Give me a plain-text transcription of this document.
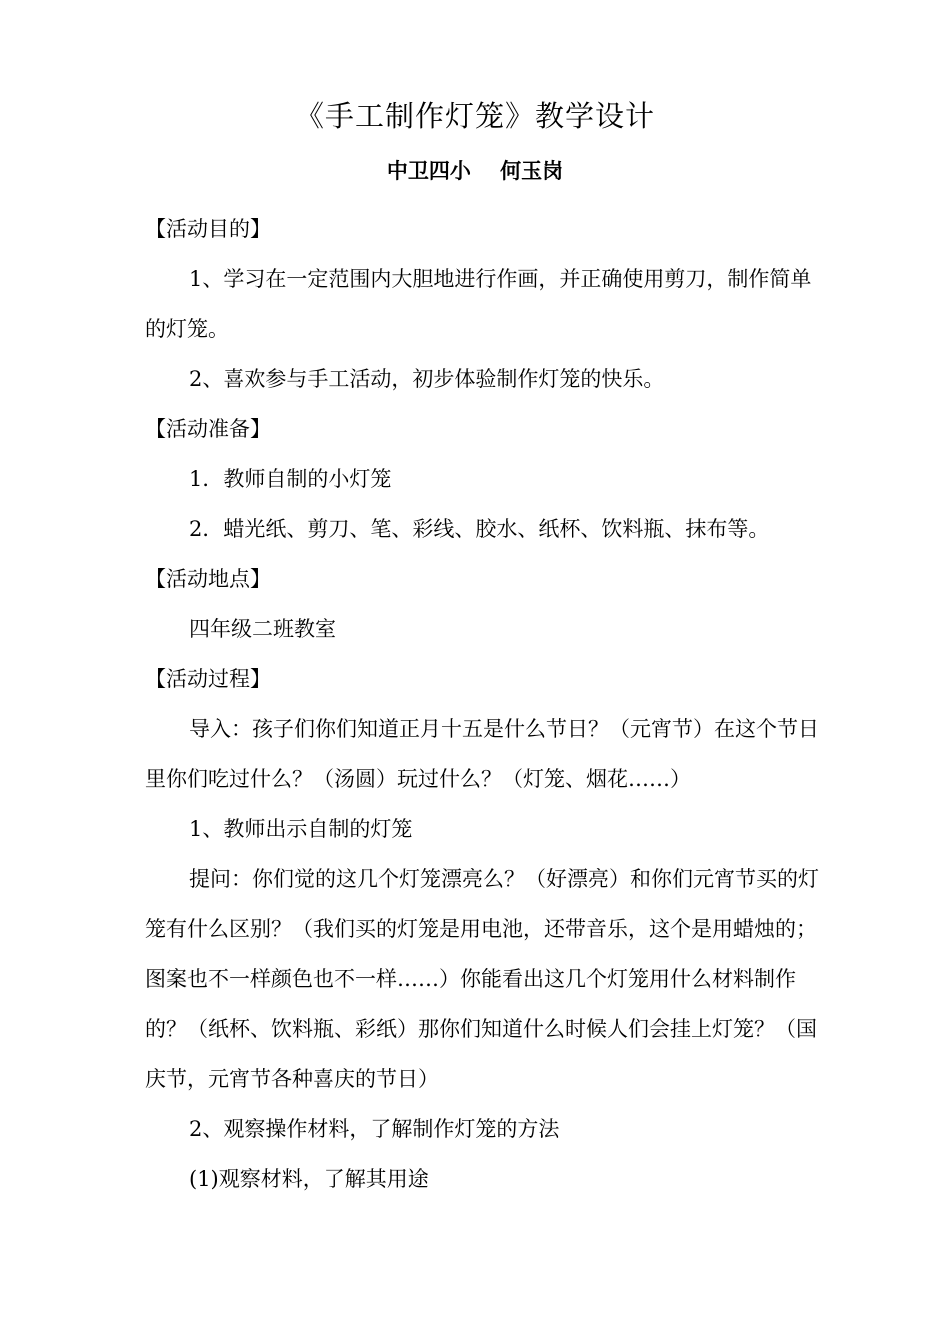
《手工制作灯笼》教学设计
中卫四小    何玉岗

【活动目的】

1、学习在一定范围内大胆地进行作画，并正确使用剪刀，制作简单的灯笼。

2、喜欢参与手工活动，初步体验制作灯笼的快乐。

【活动准备】

1．教师自制的小灯笼

2．蜡光纸、剪刀、笔、彩线、胶水、纸杯、饮料瓶、抹布等。

【活动地点】

四年级二班教室

【活动过程】

导入：孩子们你们知道正月十五是什么节日？（元宵节）在这个节日里你们吃过什么？（汤圆）玩过什么？（灯笼、烟花……）

1、教师出示自制的灯笼

提问：你们觉的这几个灯笼漂亮么？（好漂亮）和你们元宵节买的灯笼有什么区别？（我们买的灯笼是用电池，还带音乐，这个是用蜡烛的；图案也不一样颜色也不一样……）你能看出这几个灯笼用什么材料制作的？（纸杯、饮料瓶、彩纸）那你们知道什么时候人们会挂上灯笼？（国庆节，元宵节各种喜庆的节日）

2、观察操作材料，了解制作灯笼的方法

(1)观察材料，了解其用途
